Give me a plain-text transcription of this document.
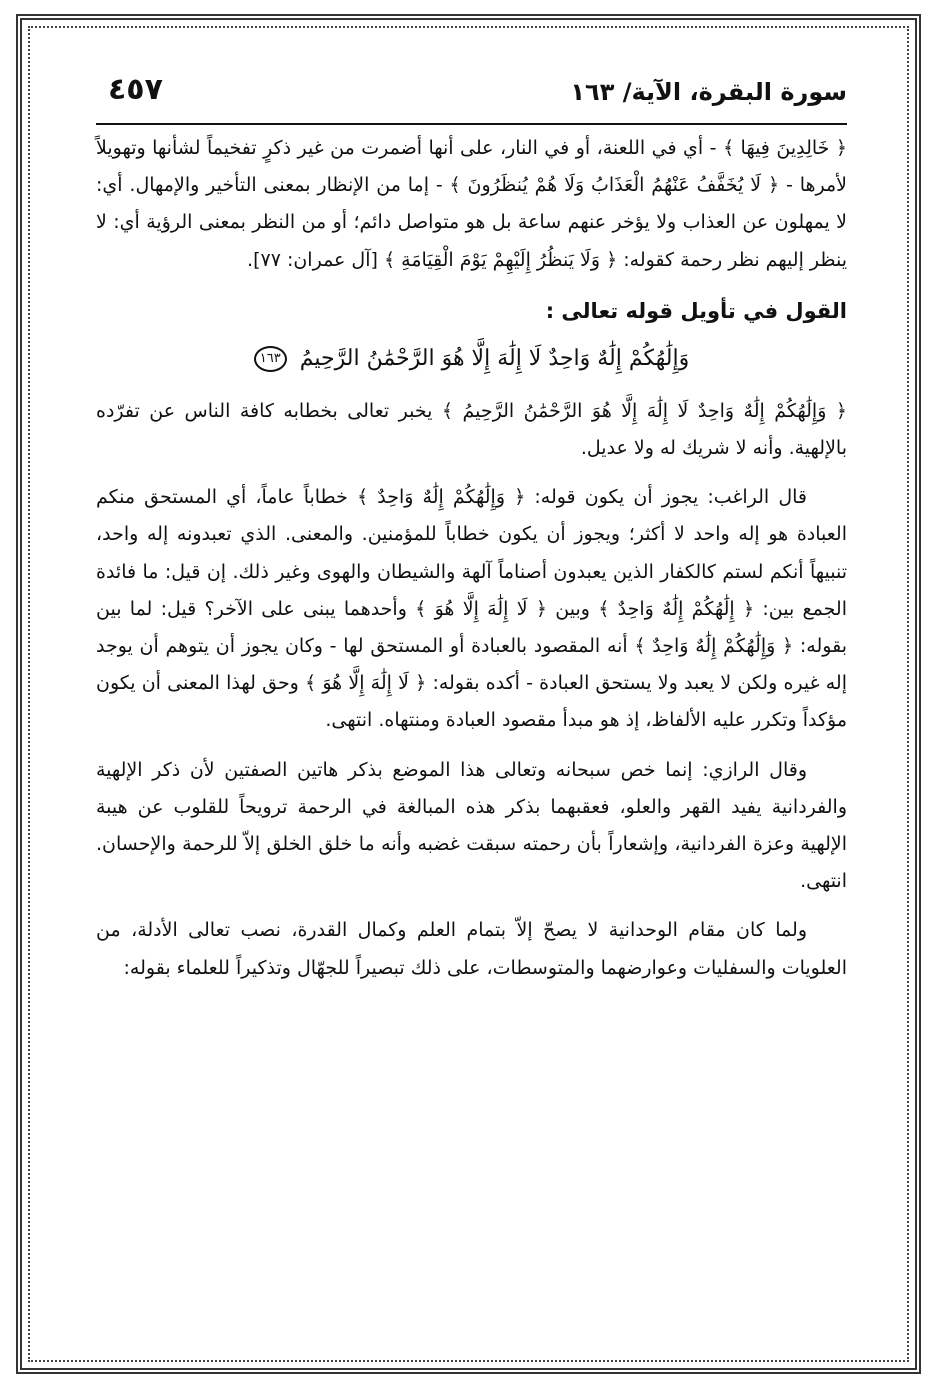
٤٥٧	سورة البقرة، الآية/ ١٦٣

﴿ خَالِدِينَ فِيهَا ﴾ - أي في اللعنة، أو في النار، على أنها أضمرت من غير ذكرٍ تفخيماً لشأنها وتهويلاً لأمرها - ﴿ لَا يُخَفَّفُ عَنْهُمُ الْعَذَابُ وَلَا هُمْ يُنظَرُونَ ﴾ - إما من الإنظار بمعنى التأخير والإمهال. أي: لا يمهلون عن العذاب ولا يؤخر عنهم ساعة بل هو متواصل دائم؛ أو من النظر بمعنى الرؤية أي: لا ينظر إليهم نظر رحمة كقوله: ﴿ وَلَا يَنظُرُ إِلَيْهِمْ يَوْمَ الْقِيَامَةِ ﴾ [آل عمران: ٧٧].

القول في تأويل قوله تعالى :
وَإِلَٰهُكُمْ إِلَٰهٌ وَاحِدٌ لَا إِلَٰهَ إِلَّا هُوَ الرَّحْمَٰنُ الرَّحِيمُ ١٦٣

﴿ وَإِلَٰهُكُمْ إِلَٰهٌ وَاحِدٌ لَا إِلَٰهَ إِلَّا هُوَ الرَّحْمَٰنُ الرَّحِيمُ ﴾ يخبر تعالى بخطابه كافة الناس عن تفرّده بالإلهية. وأنه لا شريك له ولا عديل.

قال الراغب: يجوز أن يكون قوله: ﴿ وَإِلَٰهُكُمْ إِلَٰهٌ وَاحِدٌ ﴾ خطاباً عاماً، أي المستحق منكم العبادة هو إله واحد لا أكثر؛ ويجوز أن يكون خطاباً للمؤمنين. والمعنى. الذي تعبدونه إله واحد، تنبيهاً أنكم لستم كالكفار الذين يعبدون أصناماً آلهة والشيطان والهوى وغير ذلك. إن قيل: ما فائدة الجمع بين: ﴿ إِلَٰهُكُمْ إِلَٰهٌ وَاحِدٌ ﴾ وبين ﴿ لَا إِلَٰهَ إِلَّا هُوَ ﴾ وأحدهما يبنى على الآخر؟ قيل: لما بين بقوله: ﴿ وَإِلَٰهُكُمْ إِلَٰهٌ وَاحِدٌ ﴾ أنه المقصود بالعبادة أو المستحق لها - وكان يجوز أن يتوهم أن يوجد إله غيره ولكن لا يعبد ولا يستحق العبادة - أكده بقوله: ﴿ لَا إِلَٰهَ إِلَّا هُوَ ﴾ وحق لهذا المعنى أن يكون مؤكداً وتكرر عليه الألفاظ، إذ هو مبدأ مقصود العبادة ومنتهاه. انتهى.

وقال الرازي: إنما خص سبحانه وتعالى هذا الموضع بذكر هاتين الصفتين لأن ذكر الإلهية والفردانية يفيد القهر والعلو، فعقبهما بذكر هذه المبالغة في الرحمة ترويحاً للقلوب عن هيبة الإلهية وعزة الفردانية، وإشعاراً بأن رحمته سبقت غضبه وأنه ما خلق الخلق إلاّ للرحمة والإحسان. انتهى.

ولما كان مقام الوحدانية لا يصحّ إلاّ بتمام العلم وكمال القدرة، نصب تعالى الأدلة، من العلويات والسفليات وعوارضهما والمتوسطات، على ذلك تبصيراً للجهّال وتذكيراً للعلماء بقوله:
